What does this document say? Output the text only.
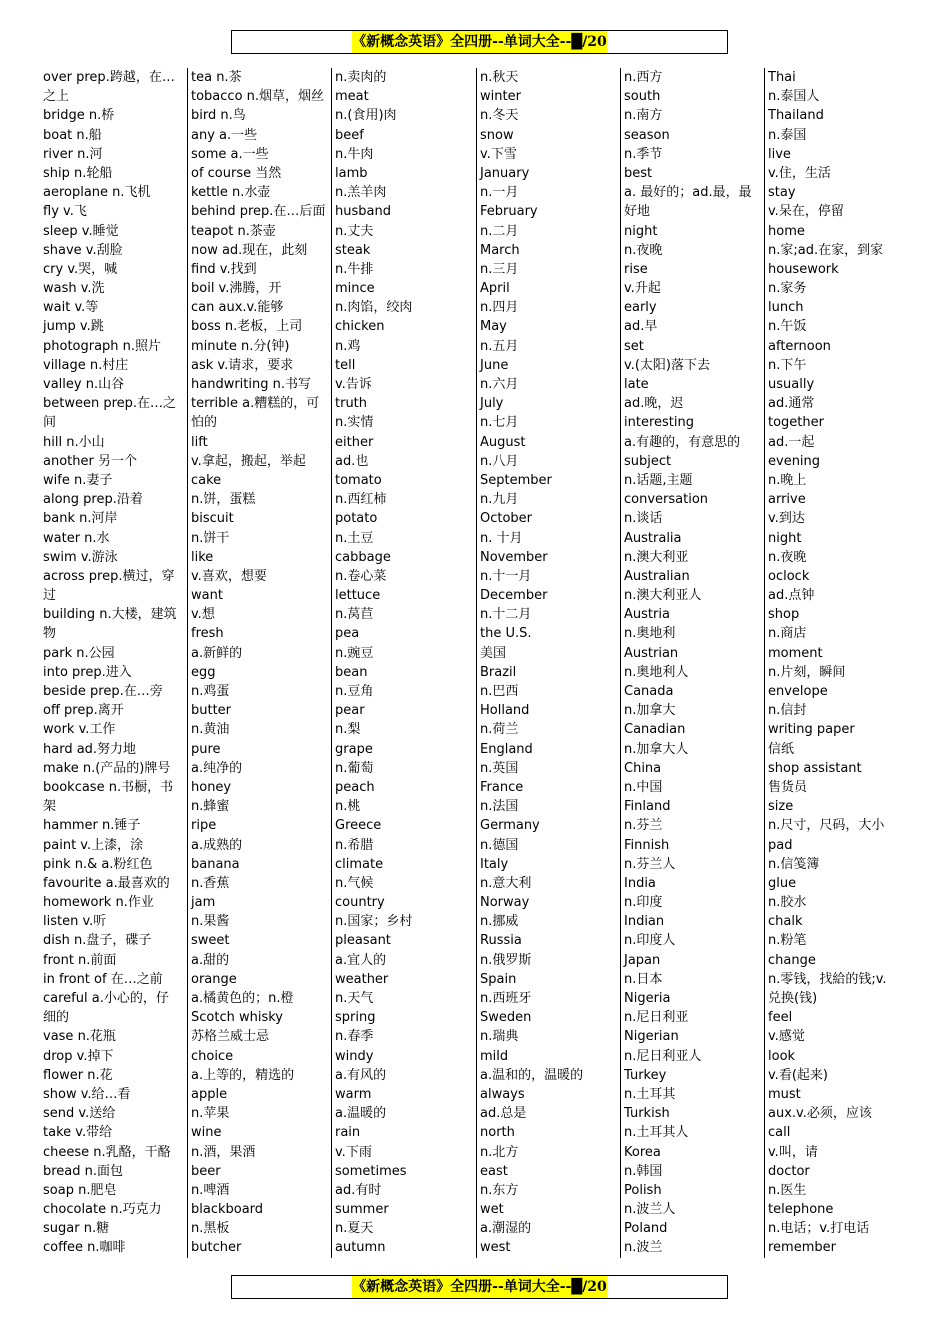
《新概念英语》全四册--单词大全--█/20
over prep.跨越，在…
之上
bridge n.桥
boat n.船
river n.河
ship n.轮船
aeroplane n.飞机
fly v.飞
sleep v.睡觉
shave v.刮脸
cry v.哭，喊
wash v.洗
wait v.等
jump v.跳
photograph n.照片
village n.村庄
valley n.山谷
between prep.在…之
间
hill n.小山
another 另一个
wife n.妻子
along prep.沿着
bank n.河岸
water n.水
swim v.游泳
across prep.横过，穿
过
building n.大楼，建筑
物
park n.公园
into prep.进入
beside prep.在…旁
off prep.离开
work v.工作
hard ad.努力地
make n.(产品的)牌号
bookcase n.书橱，书
架
hammer n.锤子
paint v.上漆，涂
pink n.& a.粉红色
favourite a.最喜欢的
homework n.作业
listen v.听
dish n.盘子，碟子
front n.前面
in front of 在…之前
careful a.小心的，仔
细的
vase n.花瓶
drop v.掉下
flower n.花
show v.给…看
send v.送给
take v.带给
cheese n.乳酪，干酪
bread n.面包
soap n.肥皂
chocolate n.巧克力
sugar n.糖
coffee n.咖啡
tea n.茶
tobacco n.烟草，烟丝
bird n.鸟
any a.一些
some a.一些
of course 当然
kettle n.水壶
behind prep.在…后面
teapot n.茶壶
now ad.现在，此刻
find v.找到
boil v.沸腾，开
can aux.v.能够
boss n.老板，上司
minute n.分(钟)
ask v.请求，要求
handwriting n.书写
terrible a.糟糕的，可
怕的
lift
v.拿起，搬起，举起
cake
n.饼，蛋糕
biscuit
n.饼干
like
v.喜欢，想要
want
v.想
fresh
a.新鲜的
egg
n.鸡蛋
butter
n.黄油
pure
a.纯净的
honey
n.蜂蜜
ripe
a.成熟的
banana
n.香蕉
jam
n.果酱
sweet
a.甜的
orange
a.橘黄色的；n.橙
Scotch whisky
苏格兰威士忌
choice
a.上等的，精选的
apple
n.苹果
wine
n.酒，果酒
beer
n.啤酒
blackboard
n.黑板
butcher
n.卖肉的
meat
n.(食用)肉
beef
n.牛肉
lamb
n.羔羊肉
husband
n.丈夫
steak
n.牛排
mince
n.肉馅，绞肉
chicken
n.鸡
tell
v.告诉
truth
n.实情
either
ad.也
tomato
n.西红柿
potato
n.土豆
cabbage
n.卷心菜
lettuce
n.莴苣
pea
n.豌豆
bean
n.豆角
pear
n.梨
grape
n.葡萄
peach
n.桃
Greece
n.希腊
climate
n.气候
country
n.国家；乡村
pleasant
a.宜人的
weather
n.天气
spring
n.春季
windy
a.有风的
warm
a.温暖的
rain
v.下雨
sometimes
ad.有时
summer
n.夏天
autumn
n.秋天
winter
n.冬天
snow
v.下雪
January
n.一月
February
n.二月
March
n.三月
April
n.四月
May
n.五月
June
n.六月
July
n.七月
August
n.八月
September
n.九月
October
n. 十月
November
n.十一月
December
n.十二月
the U.S.
美国
Brazil
n.巴西
Holland
n.荷兰
England
n.英国
France
n.法国
Germany
n.德国
Italy
n.意大利
Norway
n.挪威
Russia
n.俄罗斯
Spain
n.西班牙
Sweden
n.瑞典
mild
a.温和的，温暖的
always
ad.总是
north
n.北方
east
n.东方
wet
a.潮湿的
west
n.西方
south
n.南方
season
n.季节
best
a. 最好的；ad.最，最
好地
night
n.夜晚
rise
v.升起
early
ad.早
set
v.(太阳)落下去
late
ad.晚，迟
interesting
a.有趣的，有意思的
subject
n.话题,主题
conversation
n.谈话
Australia
n.澳大利亚
Australian
n.澳大利亚人
Austria
n.奥地利
Austrian
n.奥地利人
Canada
n.加拿大
Canadian
n.加拿大人
China
n.中国
Finland
n.芬兰
Finnish
n.芬兰人
India
n.印度
Indian
n.印度人
Japan
n.日本
Nigeria
n.尼日利亚
Nigerian
n.尼日利亚人
Turkey
n.土耳其
Turkish
n.土耳其人
Korea
n.韩国
Polish
n.波兰人
Poland
n.波兰
Thai
n.泰国人
Thailand
n.泰国
live
v.住，生活
stay
v.呆在，停留
home
n.家;ad.在家，到家
housework
n.家务
lunch
n.午饭
afternoon
n.下午
usually
ad.通常
together
ad.一起
evening
n.晚上
arrive
v.到达
night
n.夜晚
oclock
ad.点钟
shop
n.商店
moment
n.片刻，瞬间
envelope
n.信封
writing paper
信纸
shop assistant
售货员
size
n.尺寸，尺码，大小
pad
n.信笺簿
glue
n.胶水
chalk
n.粉笔
change
n.零钱，找給的钱;v.
兑换(钱)
feel
v.感觉
look
v.看(起来)
must
aux.v.必须，应该
call
v.叫，请
doctor
n.医生
telephone
n.电话；v.打电话
remember
《新概念英语》全四册--单词大全--█/20
